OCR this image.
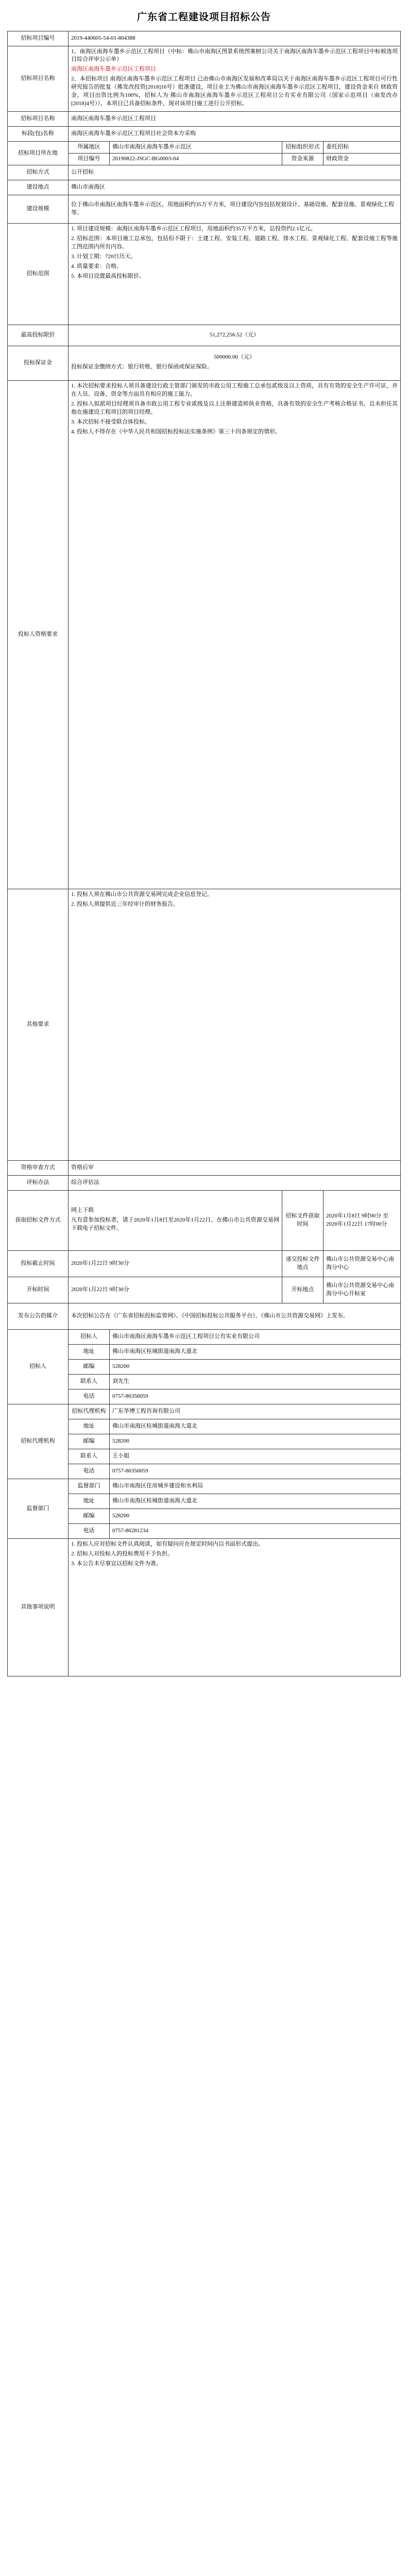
广东省工程建设项目招标公告
招标项目编号	2019-440605-54-01-804388			
招标项目名称	1、南海区南海车墨乡示范区工程项目（中标：佛山市南海区图景系统图案树公司关于南海区南海车墨乡示范区工程项目中标候选项目综合评审公示单）

南海区南海车墨乡示范区工程项目

2、本招标项目 南海区南海车墨乡示范区工程项目 已由佛山市南海区发展和改革局以关于南海区南海车墨乡示范区工程项目可行性研究报告的批复（佛发改投资[2018]16号）批准建设，项目业主为佛山市南海区南海车墨乡示范区工程项目，建设资金来自 财政资金，项目出资比例为100%，招标人为 佛山市南海区南海车墨乡示范区工程项目公有实业有限公司（国家示范项目（南发改办[2018]4号）），本项目已具备招标条件，现对该项目施工进行公开招标。			

招标项目名称	南海区南海车墨乡示范区工程项目			
标段(包)名称	南海区南海车墨乡示范区工程项目社会资本方采购			
招标项目所在地	所属地区	佛山市南海区南海车墨乡示范区	招标组织形式	委托招标
	项目编号	20190822-JSGC-BG0003-04	资金来源	财政资金
招标方式	公开招标			
建设地点	佛山市南海区			
建设规模	位于佛山市南海区南海车墨乡示范区，用地面积约35万平方米，项目建设内容包括规划设计、基础设施、配套设施、景观绿化工程等。			
招标范围	1. 项目建设规模：南海区南海车墨乡示范区工程项目，用地面积约35万平方米，总投资约2.1亿元。

2. 招标范围：本项目施工总承包，包括但不限于：土建工程、安装工程、道路工程、排水工程、景观绿化工程、配套设施工程等施工图范围内所有内容。

3. 计划工期：720日历天。

4. 质量要求：合格。

5. 本项目设置最高投标限价。			

最高投标限价	51,272,256.52（元）			
投标保证金	500000.00（元）

投标保证金缴纳方式：银行转账、银行保函或保证保险。			

投标人资格要求	1. 本次招标要求投标人须具备建设行政主管部门颁发的市政公用工程施工总承包贰级及以上资质，具有有效的安全生产许可证，并在人员、设备、资金等方面具有相应的施工能力。

2. 投标人拟派项目经理须具备市政公用工程专业贰级及以上注册建造师执业资格，具备有效的安全生产考核合格证书，且未担任其他在施建设工程项目的项目经理。

3. 本次招标不接受联合体投标。

4. 投标人不得存在《中华人民共和国招标投标法实施条例》第三十四条规定的情形。			

其他要求	1. 投标人须在佛山市公共资源交易网完成企业信息登记。

2. 投标人须提供近三年经审计的财务报告。			

资格审查方式	资格后审			
评标办法	综合评估法			
获取招标文件方式	网上下载

凡有意参加投标者，请于2020年1月8日至2020年1月22日，在佛山市公共资源交易网下载电子招标文件。		招标文件获取时间	2020年1月8日 9时00分 至 2020年1月22日 17时00分
投标截止时间	2020年1月22日 9时30分		递交投标文件地点	佛山市公共资源交易中心南海分中心
开标时间	2020年1月22日 9时30分		开标地点	佛山市公共资源交易中心南海分中心开标室
发布公告的媒介	本次招标公告在《广东省招标投标监管网》、《中国招标投标公共服务平台》、《佛山市公共资源交易网》上发布。			
招标人	招标人	佛山市南海区南海车墨乡示范区工程项目公有实业有限公司		
	地址	佛山市南海区桂城街道南海大道北		
	邮编	528200		
	联系人	刘先生		
	电话	0757-86356059		
招标代理机构	招标代理机构	广东华博工程咨询有限公司		
	地址	佛山市南海区桂城街道南海大道北		
	邮编	528200		
	联系人	王小姐		
	电话	0757-86356059		
监督部门	监督部门	佛山市南海区住房城乡建设和水利局		
	地址	佛山市南海区桂城街道南海大道北		
	邮编	528200		
	电话	0757-86281234		
其他事项说明	1. 投标人应对招标文件认真阅读，如有疑问应在规定时间内以书面形式提出。

2. 招标人对投标人的投标费用不予负担。

3. 本公告未尽事宜以招标文件为准。			
